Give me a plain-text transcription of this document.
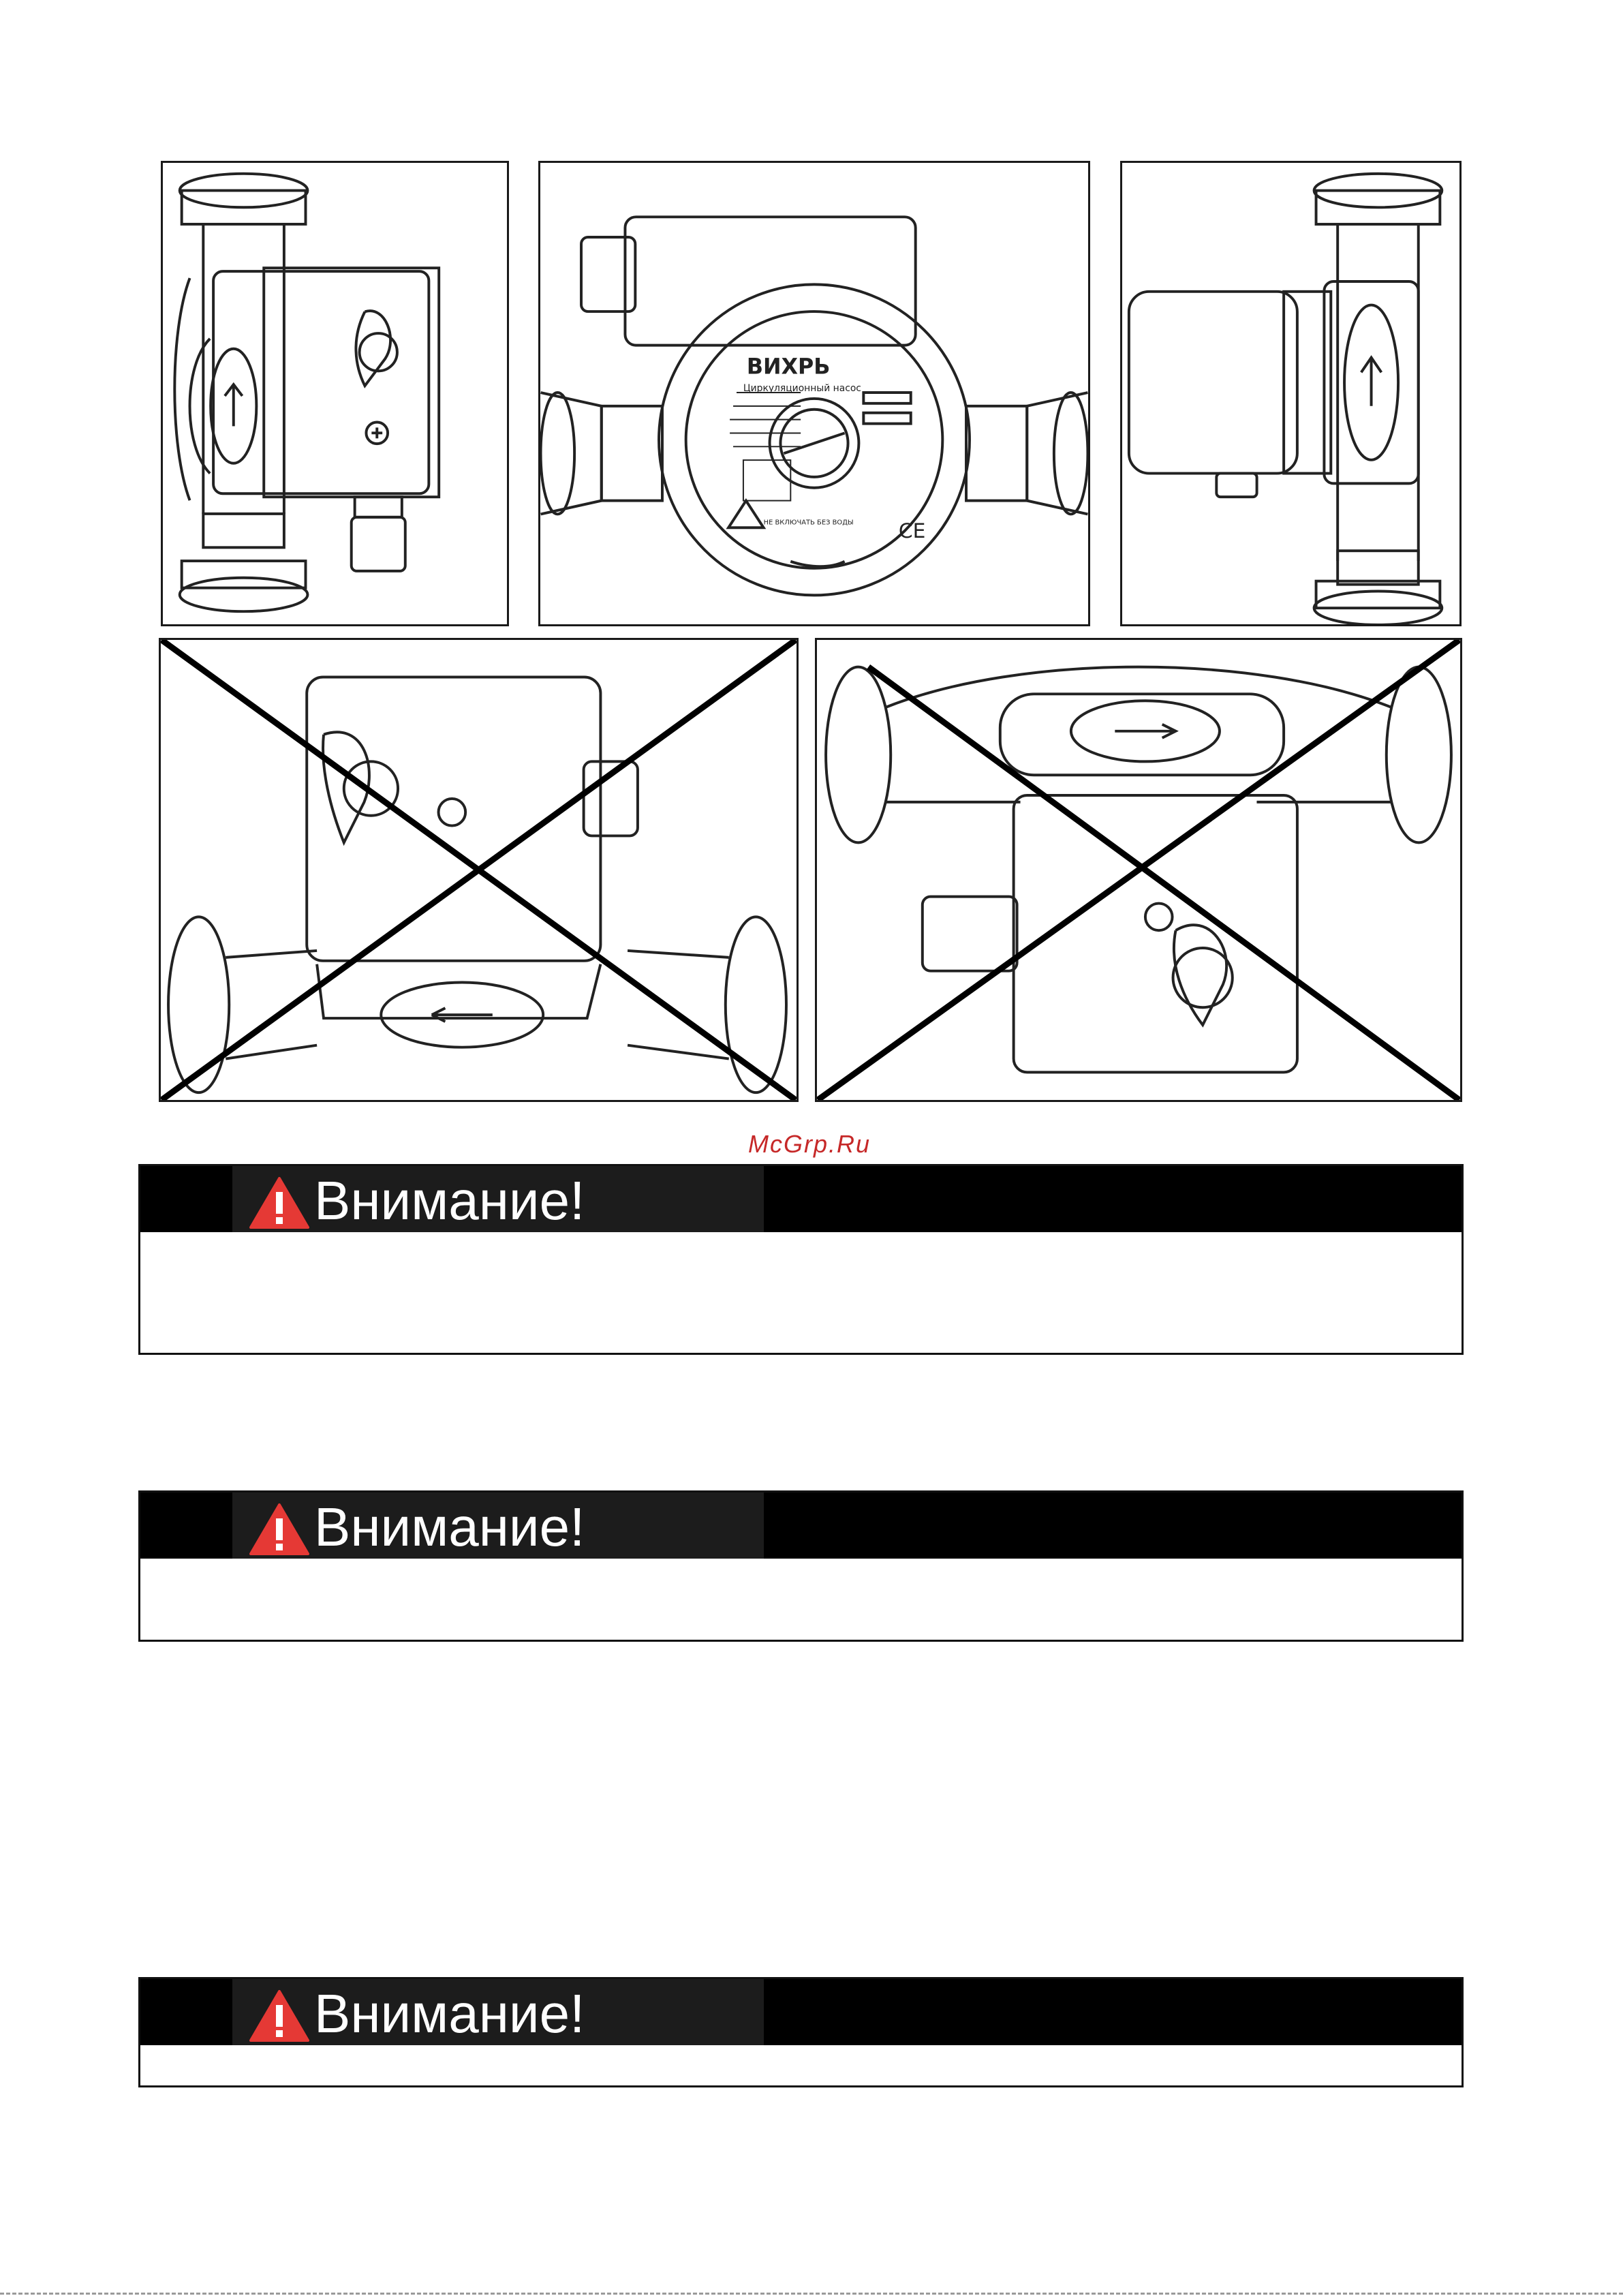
ВИХРЬ
Циркуляционный насос
НЕ ВКЛЮЧАТЬ БЕЗ ВОДЫ CE
McGrp.Ru
Внимание!
Внимание!
Внимание!
